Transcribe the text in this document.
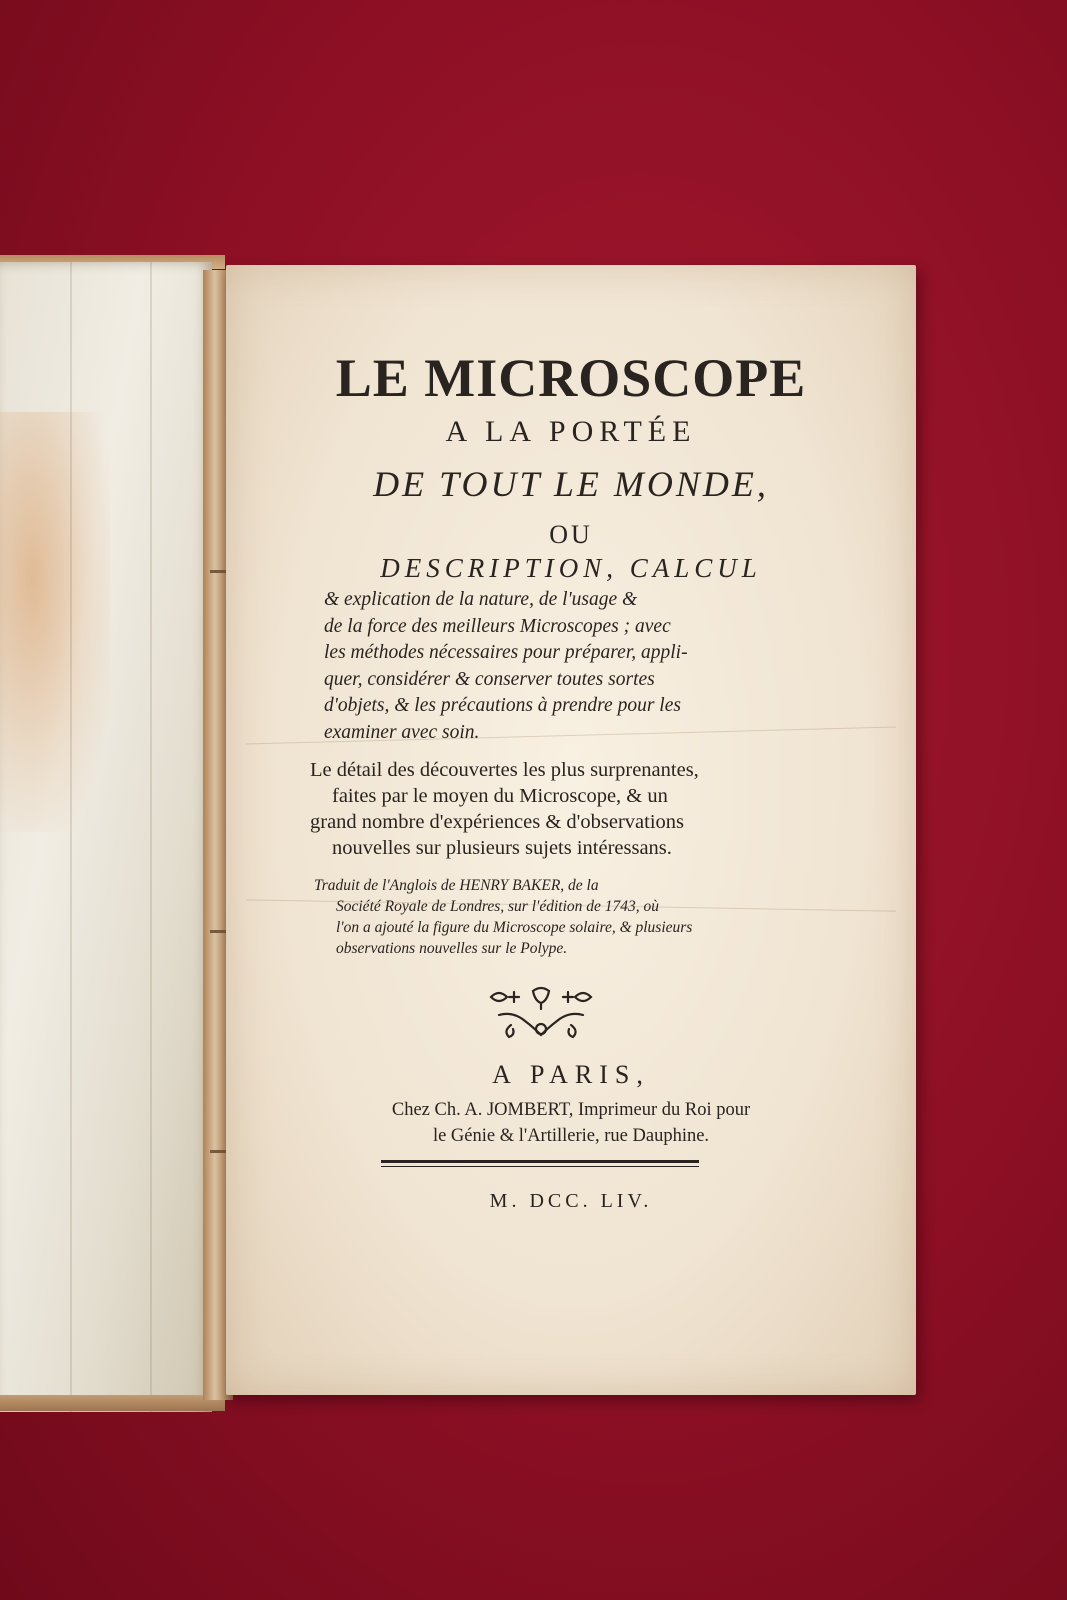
LE MICROSCOPE
A LA PORTÉE
DE TOUT LE MONDE,
OU
DESCRIPTION, CALCUL
& explication de la nature, de l'usage &
de la force des meilleurs Microscopes ; avec
les méthodes nécessaires pour préparer, appli-
quer, considérer & conserver toutes sortes
d'objets, & les précautions à prendre pour les
examiner avec soin.
Le détail des découvertes les plus surprenantes,
faites par le moyen du Microscope, & un
grand nombre d'expériences & d'observations
nouvelles sur plusieurs sujets intéressans.
Traduit de l'Anglois de HENRY BAKER, de la
Société Royale de Londres, sur l'édition de 1743, où
l'on a ajouté la figure du Microscope solaire, & plusieurs
observations nouvelles sur le Polype.
A PARIS,
Chez Ch. A. JOMBERT, Imprimeur du Roi pour
le Génie & l'Artillerie, rue Dauphine.
M. DCC. LIV.
